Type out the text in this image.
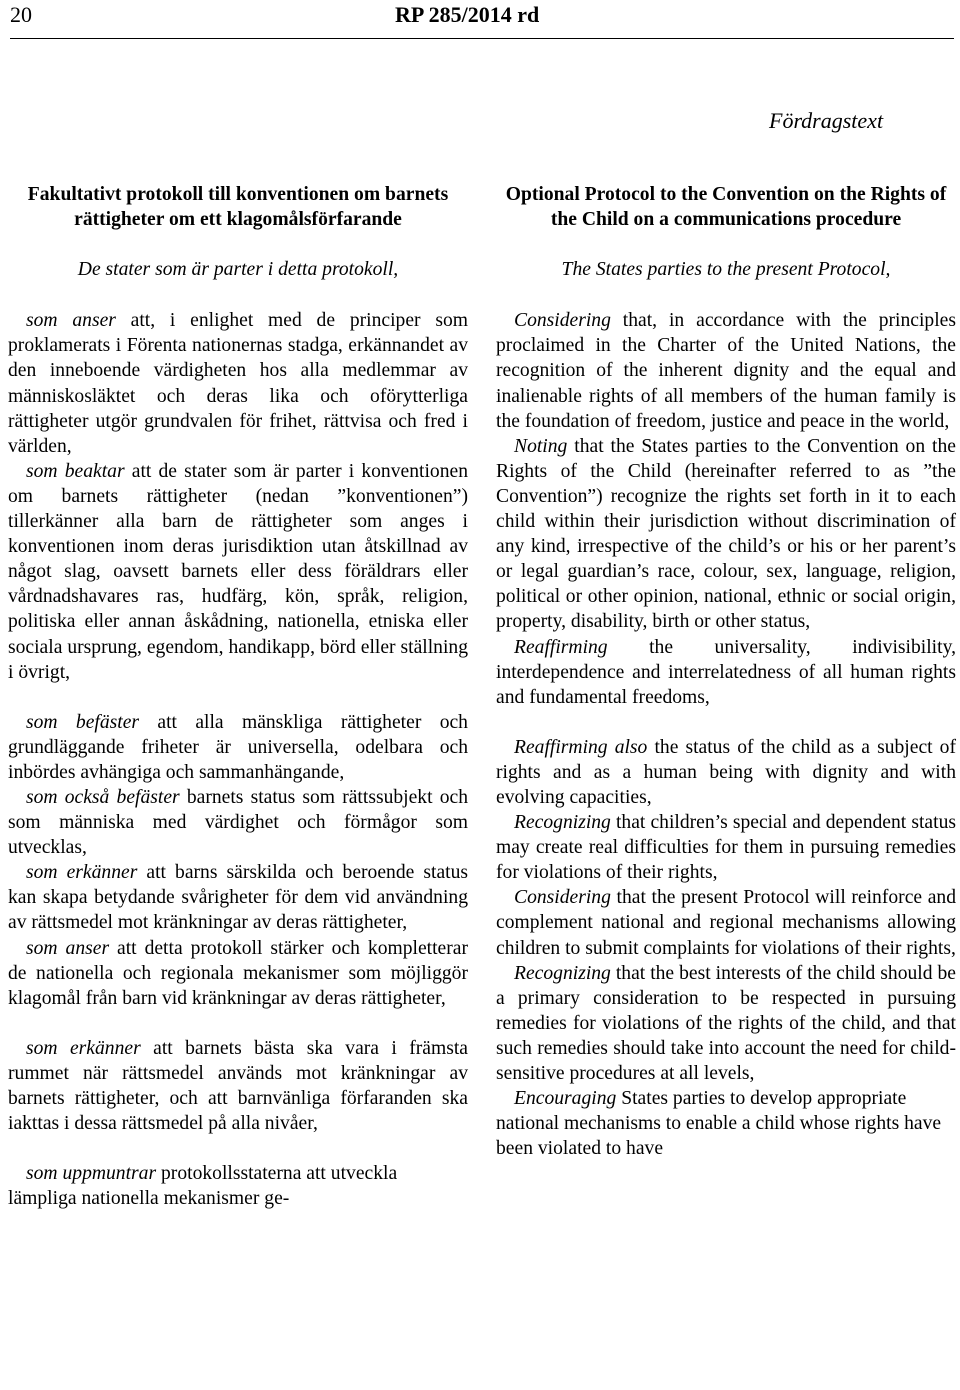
20	RP 285/2014 rd
Fördragstext

Fakultativt protokoll till konventionen om barnets rättigheter om ett klagomålsförfarande

De stater som är parter i detta protokoll,

som anser att, i enlighet med de principer som proklamerats i Förenta nationernas stadga, erkännandet av den inneboende värdigheten hos alla medlemmar av människosläktet och deras lika och oförytterliga rättigheter utgör grundvalen för frihet, rättvisa och fred i världen,

som beaktar att de stater som är parter i konventionen om barnets rättigheter (nedan ”konventionen”) tillerkänner alla barn de rättigheter som anges i konventionen inom deras jurisdiktion utan åtskillnad av något slag, oavsett barnets eller dess föräldrars eller vårdnadshavares ras, hudfärg, kön, språk, religion, politiska eller annan åskådning, nationella, etniska eller sociala ursprung, egendom, handikapp, börd eller ställning i övrigt,

som befäster att alla mänskliga rättigheter och grundläggande friheter är universella, odelbara och inbördes avhängiga och sammanhängande,

som också befäster barnets status som rättssubjekt och som människa med värdighet och förmågor som utvecklas,

som erkänner att barns särskilda och beroende status kan skapa betydande svårigheter för dem vid användning av rättsmedel mot kränkningar av deras rättigheter,

som anser att detta protokoll stärker och kompletterar de nationella och regionala mekanismer som möjliggör klagomål från barn vid kränkningar av deras rättigheter,

som erkänner att barnets bästa ska vara i främsta rummet när rättsmedel används mot kränkningar av barnets rättigheter, och att barnvänliga förfaranden ska iakttas i dessa rättsmedel på alla nivåer,

som uppmuntrar protokollsstaterna att utveckla lämpliga nationella mekanismer ge-

Optional Protocol to the Convention on the Rights of the Child on a communications procedure

The States parties to the present Protocol,

Considering that, in accordance with the principles proclaimed in the Charter of the United Nations, the recognition of the inherent dignity and the equal and inalienable rights of all members of the human family is the foundation of freedom, justice and peace in the world,

Noting that the States parties to the Convention on the Rights of the Child (hereinafter referred to as ”the Convention”) recognize the rights set forth in it to each child within their jurisdiction without discrimination of any kind, irrespective of the child’s or his or her parent’s or legal guardian’s race, colour, sex, language, religion, political or other opinion, national, ethnic or social origin, property, disability, birth or other status,

Reaffirming the universality, indivisibility, interdependence and interrelatedness of all human rights and fundamental freedoms,

Reaffirming also the status of the child as a subject of rights and as a human being with dignity and with evolving capacities,

Recognizing that children’s special and dependent status may create real difficulties for them in pursuing remedies for violations of their rights,

Considering that the present Protocol will reinforce and complement national and regional mechanisms allowing children to submit complaints for violations of their rights,

Recognizing that the best interests of the child should be a primary consideration to be respected in pursuing remedies for violations of the rights of the child, and that such remedies should take into account the need for child-sensitive procedures at all levels,

Encouraging States parties to develop appropriate national mechanisms to enable a child whose rights have been violated to have
